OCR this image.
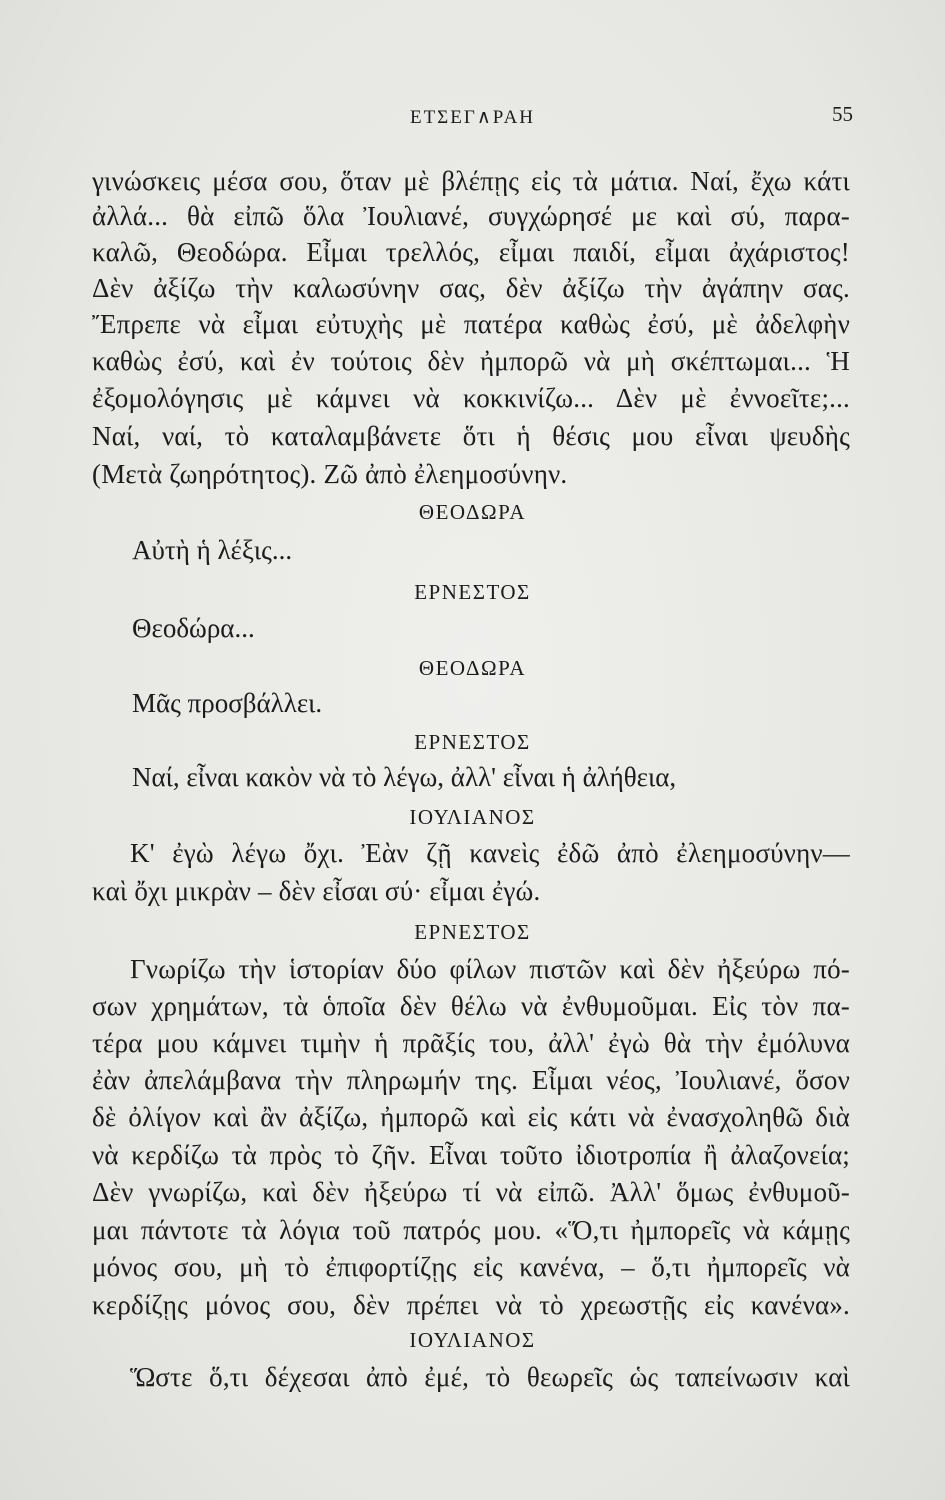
ΕΤΣΕΓ∧ΡΑΗ	55
γινώσκεις μέσα σου, ὅταν μὲ βλέπῃς εἰς τὰ μάτια. Ναί, ἔχω κάτι
ἀλλά... θὰ εἰπῶ ὅλα Ἰουλιανέ, συγχώρησέ με καὶ σύ, παρα-
καλῶ, Θεοδώρα. Εἶμαι τρελλός, εἶμαι παιδί, εἶμαι ἀχάριστος!
Δὲν ἀξίζω τὴν καλωσύνην σας, δὲν ἀξίζω τὴν ἀγάπην σας.
Ἔπρεπε νὰ εἶμαι εὐτυχὴς μὲ πατέρα καθὼς ἐσύ, μὲ ἀδελφὴν
καθὼς ἐσύ, καὶ ἐν τούτοις δὲν ἠμπορῶ νὰ μὴ σκέπτωμαι... Ἡ
ἐξομολόγησις μὲ κάμνει νὰ κοκκινίζω... Δὲν μὲ ἐννοεῖτε;...
Ναί, ναί, τὸ καταλαμβάνετε ὅτι ἡ θέσις μου εἶναι ψευδὴς
(Μετὰ ζωηρότητος). Ζῶ ἀπὸ ἐλεημοσύνην.
ΘΕΟΔΩΡΑ
Αὐτὴ ἡ λέξις...
ΕΡΝΕΣΤΟΣ
Θεοδώρα...
ΘΕΟΔΩΡΑ
Μᾶς προσβάλλει.
ΕΡΝΕΣΤΟΣ
Ναί, εἶναι κακὸν νὰ τὸ λέγω, ἀλλ' εἶναι ἡ ἀλήθεια,
ΙΟΥΛΙΑΝΟΣ
Κ' ἐγὼ λέγω ὄχι. Ἐὰν ζῇ κανεὶς ἐδῶ ἀπὸ ἐλεημοσύνην—
καὶ ὄχι μικρὰν – δὲν εἶσαι σύ· εἶμαι ἐγώ.
ΕΡΝΕΣΤΟΣ
Γνωρίζω τὴν ἱστορίαν δύο φίλων πιστῶν καὶ δὲν ἠξεύρω πό-
σων χρημάτων, τὰ ὁποῖα δὲν θέλω νὰ ἐνθυμοῦμαι. Εἰς τὸν πα-
τέρα μου κάμνει τιμὴν ἡ πρᾶξίς του, ἀλλ' ἐγὼ θὰ τὴν ἐμόλυνα
ἐὰν ἀπελάμβανα τὴν πληρωμήν της. Εἶμαι νέος, Ἰουλιανέ, ὅσον
δὲ ὀλίγον καὶ ἂν ἀξίζω, ἠμπορῶ καὶ εἰς κάτι νὰ ἐνασχοληθῶ διὰ
νὰ κερδίζω τὰ πρὸς τὸ ζῆν. Εἶναι τοῦτο ἰδιοτροπία ἢ ἀλαζονεία;
Δὲν γνωρίζω, καὶ δὲν ἠξεύρω τί νὰ εἰπῶ. Ἀλλ' ὅμως ἐνθυμοῦ-
μαι πάντοτε τὰ λόγια τοῦ πατρός μου. «Ὅ,τι ἠμπορεῖς νὰ κάμῃς
μόνος σου, μὴ τὸ ἐπιφορτίζῃς εἰς κανένα, – ὅ,τι ἠμπορεῖς νὰ
κερδίζῃς μόνος σου, δὲν πρέπει νὰ τὸ χρεωστῇς εἰς κανένα».
ΙΟΥΛΙΑΝΟΣ
Ὥστε ὅ,τι δέχεσαι ἀπὸ ἐμέ, τὸ θεωρεῖς ὡς ταπείνωσιν καὶ
